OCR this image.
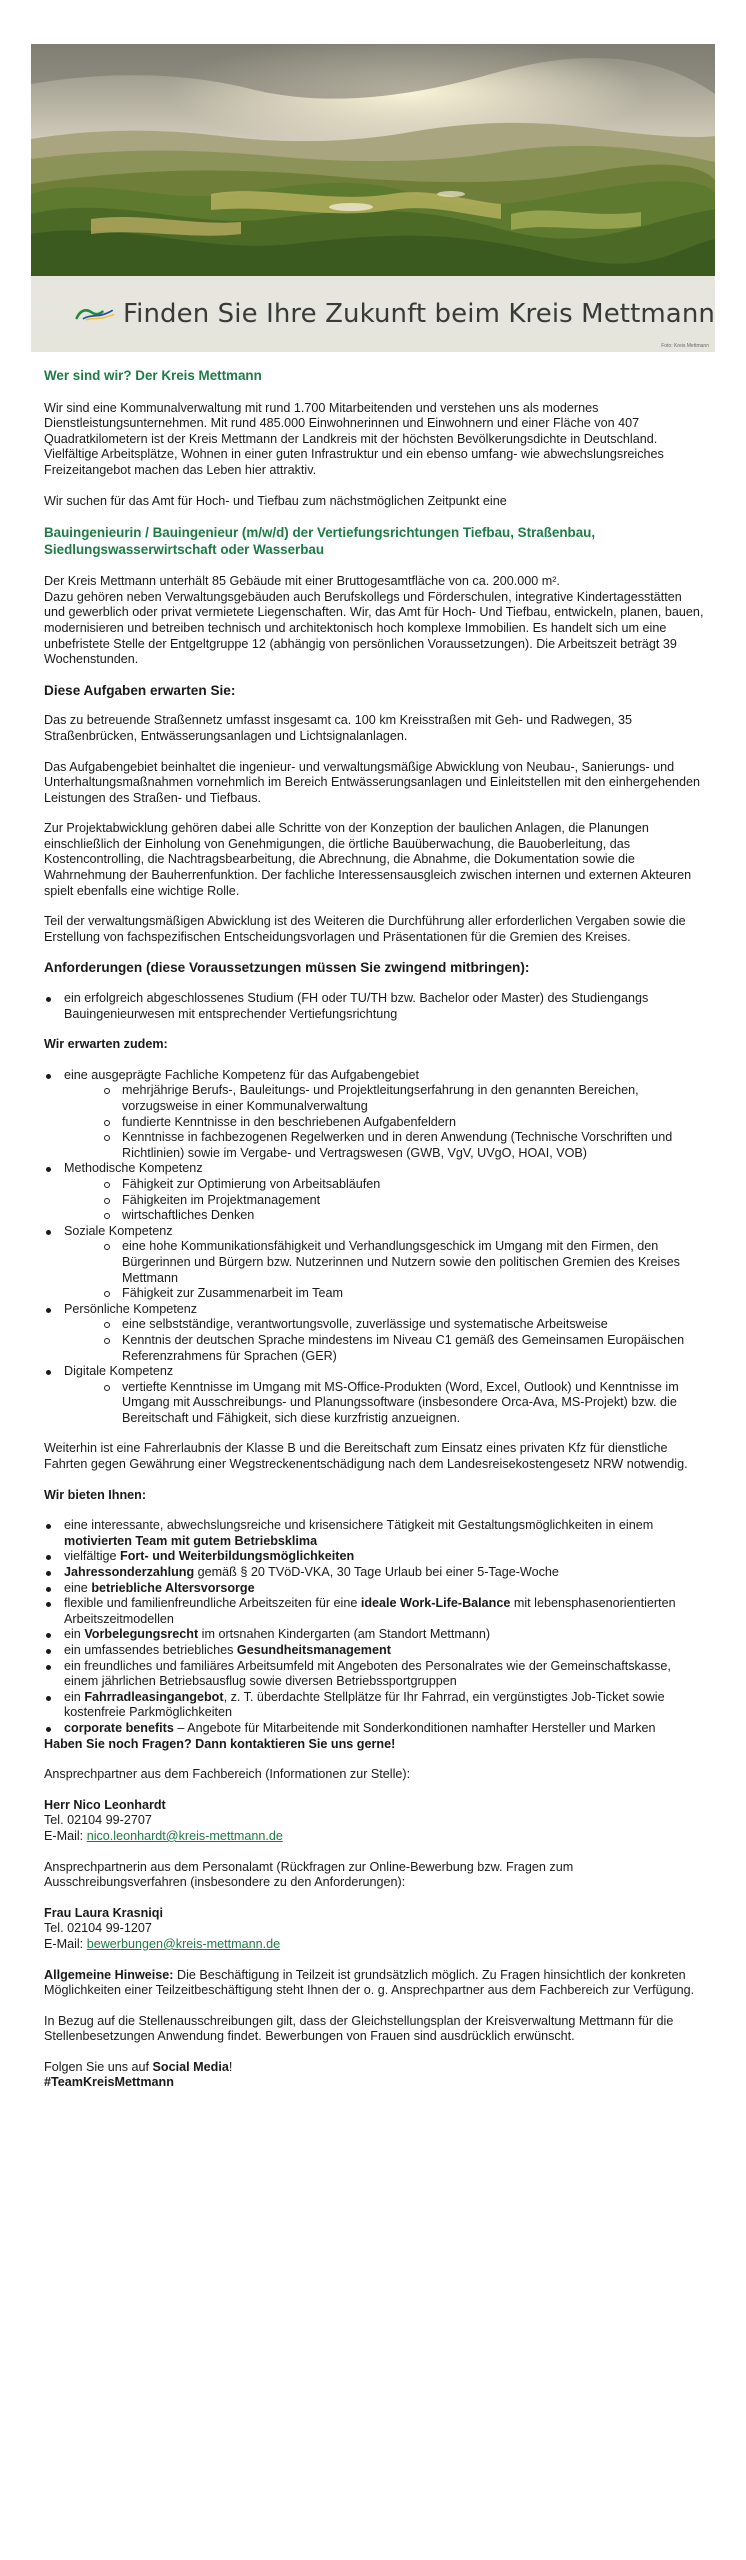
Finden Sie Ihre Zukunft beim Kreis Mettmann
Foto: Kreis Mettmann
Wer sind wir? Der Kreis Mettmann

Wir sind eine Kommunalverwaltung mit rund 1.700 Mitarbeitenden und verstehen uns als modernes Dienstleistungsunternehmen. Mit rund 485.000 Einwohnerinnen und Einwohnern und einer Fläche von 407 Quadratkilometern ist der Kreis Mettmann der Landkreis mit der höchsten Bevölkerungsdichte in Deutschland. Vielfältige Arbeitsplätze, Wohnen in einer guten Infrastruktur und ein ebenso umfang- wie abwechslungsreiches Freizeitangebot machen das Leben hier attraktiv.

Wir suchen für das Amt für Hoch- und Tiefbau zum nächstmöglichen Zeitpunkt eine

Bauingenieurin / Bauingenieur (m/w/d) der Vertiefungsrichtungen Tiefbau, Straßenbau, Siedlungswasserwirtschaft oder Wasserbau

Der Kreis Mettmann unterhält 85 Gebäude mit einer Bruttogesamtfläche von ca. 200.000 m².
Dazu gehören neben Verwaltungsgebäuden auch Berufskollegs und Förderschulen, integrative Kindertagesstätten und gewerblich oder privat vermietete Liegenschaften. Wir, das Amt für Hoch- Und Tiefbau, entwickeln, planen, bauen, modernisieren und betreiben technisch und architektonisch hoch komplexe Immobilien. Es handelt sich um eine unbefristete Stelle der Entgeltgruppe 12 (abhängig von persönlichen Voraussetzungen). Die Arbeitszeit beträgt 39 Wochenstunden.

Diese Aufgaben erwarten Sie:

Das zu betreuende Straßennetz umfasst insgesamt ca. 100 km Kreisstraßen mit Geh- und Radwegen, 35 Straßenbrücken, Entwässerungsanlagen und Lichtsignalanlagen.

Das Aufgabengebiet beinhaltet die ingenieur- und verwaltungsmäßige Abwicklung von Neubau-, Sanierungs- und Unterhaltungsmaßnahmen vornehmlich im Bereich Entwässerungsanlagen und Einleitstellen mit den einhergehenden Leistungen des Straßen- und Tiefbaus.

Zur Projektabwicklung gehören dabei alle Schritte von der Konzeption der baulichen Anlagen, die Planungen einschließlich der Einholung von Genehmigungen, die örtliche Bauüberwachung, die Bauoberleitung, das Kostencontrolling, die Nachtragsbearbeitung, die Abrechnung, die Abnahme, die Dokumentation sowie die Wahrnehmung der Bauherrenfunktion. Der fachliche Interessensausgleich zwischen internen und externen Akteuren spielt ebenfalls eine wichtige Rolle.

Teil der verwaltungsmäßigen Abwicklung ist des Weiteren die Durchführung aller erforderlichen Vergaben sowie die Erstellung von fachspezifischen Entscheidungsvorlagen und Präsentationen für die Gremien des Kreises.

Anforderungen (diese Voraussetzungen müssen Sie zwingend mitbringen):
ein erfolgreich abgeschlossenes Studium (FH oder TU/TH bzw. Bachelor oder Master) des Studiengangs Bauingenieurwesen mit entsprechender Vertiefungsrichtung
Wir erwarten zudem:
eine ausgeprägte Fachliche Kompetenz für das Aufgabengebiet
mehrjährige Berufs-, Bauleitungs- und Projektleitungserfahrung in den genannten Bereichen, vorzugsweise in einer Kommunalverwaltung
fundierte Kenntnisse in den beschriebenen Aufgabenfeldern
Kenntnisse in fachbezogenen Regelwerken und in deren Anwendung (Technische Vorschriften und Richtlinien) sowie im Vergabe- und Vertragswesen (GWB, VgV, UVgO, HOAI, VOB)
Methodische Kompetenz
Fähigkeit zur Optimierung von Arbeitsabläufen
Fähigkeiten im Projektmanagement
wirtschaftliches Denken
Soziale Kompetenz
eine hohe Kommunikationsfähigkeit und Verhandlungsgeschick im Umgang mit den Firmen, den Bürgerinnen und Bürgern bzw. Nutzerinnen und Nutzern sowie den politischen Gremien des Kreises Mettmann
Fähigkeit zur Zusammenarbeit im Team
Persönliche Kompetenz
eine selbstständige, verantwortungsvolle, zuverlässige und systematische Arbeitsweise
Kenntnis der deutschen Sprache mindestens im Niveau C1 gemäß des Gemeinsamen Europäischen Referenzrahmens für Sprachen (GER)
Digitale Kompetenz
vertiefte Kenntnisse im Umgang mit MS-Office-Produkten (Word, Excel, Outlook) und Kenntnisse im Umgang mit Ausschreibungs- und Planungssoftware (insbesondere Orca-Ava, MS-Projekt) bzw. die Bereitschaft und Fähigkeit, sich diese kurzfristig anzueignen.

Weiterhin ist eine Fahrerlaubnis der Klasse B und die Bereitschaft zum Einsatz eines privaten Kfz für dienstliche Fahrten gegen Gewährung einer Wegstreckenentschädigung nach dem Landesreisekostengesetz NRW notwendig.

Wir bieten Ihnen:
eine interessante, abwechslungsreiche und krisensichere Tätigkeit mit Gestaltungsmöglichkeiten in einem motivierten Team mit gutem Betriebsklima
vielfältige Fort- und Weiterbildungsmöglichkeiten
Jahressonderzahlung gemäß § 20 TVöD-VKA, 30 Tage Urlaub bei einer 5-Tage-Woche
eine betriebliche Altersvorsorge
flexible und familienfreundliche Arbeitszeiten für eine ideale Work-Life-Balance mit lebensphasenorientierten Arbeitszeitmodellen
ein Vorbelegungsrecht im ortsnahen Kindergarten (am Standort Mettmann)
ein umfassendes betriebliches Gesundheitsmanagement
ein freundliches und familiäres Arbeitsumfeld mit Angeboten des Personalrates wie der Gemeinschaftskasse, einem jährlichen Betriebsausflug sowie diversen Betriebssportgruppen
ein Fahrradleasingangebot, z. T. überdachte Stellplätze für Ihr Fahrrad, ein vergünstigtes Job-Ticket sowie kostenfreie Parkmöglichkeiten
corporate benefits – Angebote für Mitarbeitende mit Sonderkonditionen namhafter Hersteller und Marken
Haben Sie noch Fragen? Dann kontaktieren Sie uns gerne!

Ansprechpartner aus dem Fachbereich (Informationen zur Stelle):

Herr Nico Leonhardt
Tel. 02104 99-2707
E-Mail: nico.leonhardt@kreis-mettmann.de

Ansprechpartnerin aus dem Personalamt (Rückfragen zur Online-Bewerbung bzw. Fragen zum Ausschreibungsverfahren (insbesondere zu den Anforderungen):

Frau Laura Krasniqi
Tel. 02104 99-1207
E-Mail: bewerbungen@kreis-mettmann.de

Allgemeine Hinweise: Die Beschäftigung in Teilzeit ist grundsätzlich möglich. Zu Fragen hinsichtlich der konkreten Möglichkeiten einer Teilzeitbeschäftigung steht Ihnen der o. g. Ansprechpartner aus dem Fachbereich zur Verfügung.

In Bezug auf die Stellenausschreibungen gilt, dass der Gleichstellungsplan der Kreisverwaltung Mettmann für die Stellenbesetzungen Anwendung findet. Bewerbungen von Frauen sind ausdrücklich erwünscht.

Folgen Sie uns auf Social Media!
#TeamKreisMettmann
